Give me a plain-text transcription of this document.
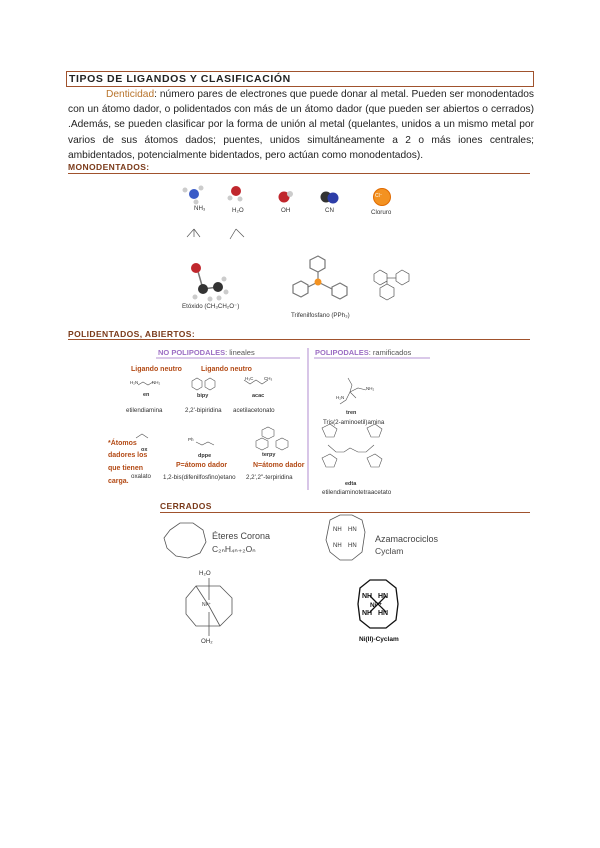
TIPOS DE LIGANDOS Y CLASIFICACIÓN
Denticidad: número pares de electrones que puede donar al metal. Pueden ser monodentados con un átomo dador, o polidentados con más de un átomo dador (que pueden ser abiertos o cerrados) .Además, se pueden clasificar por la forma de unión al metal (quelantes, unidos a un mismo metal por varios de sus átomos dados; puentes, unidos simultáneamente a 2 o más iones centrales; ambidentados, potencialmente bidentados, pero actúan como monodentados).
MONODENTADOS:
NH₃	H₂O	OH	CN
Cl⁻
Cloruro
Etóxido (CH₃CH₂O⁻)
Trifenilfosfano (PPh₃)
POLIDENTADOS, ABIERTOS:
NO POLIPODALES: lineales	POLIPODALES: ramificados
Ligando neutro	Ligando neutro
H₂N	NH₂
en	bipy
H₃C CH₃
acac
etilendiamina	2,2'-bipiridina acetilacetonato
H₂N
NH₂
tren
Tris(2-aminoetil)amina
*Átomos
dadores los
que tienen
carga.
ox
oxalato
Ph
dppe	terpy
P=átomo dador	N=átomo dador
1,2-bis(difenilfosfino)etano 2,2',2''-terpiridina
edta
etilendiaminotetraacetato
CERRADOS
Éteres Corona
C₂ₙH₄ₙ₊₂Oₙ
NH HN
NH HN
Azamacrociclos
Cyclam
H₂O
Ni²⁺
OH₂
NH HN
Ni²⁺
NH HN
Ni(II)-Cyclam
